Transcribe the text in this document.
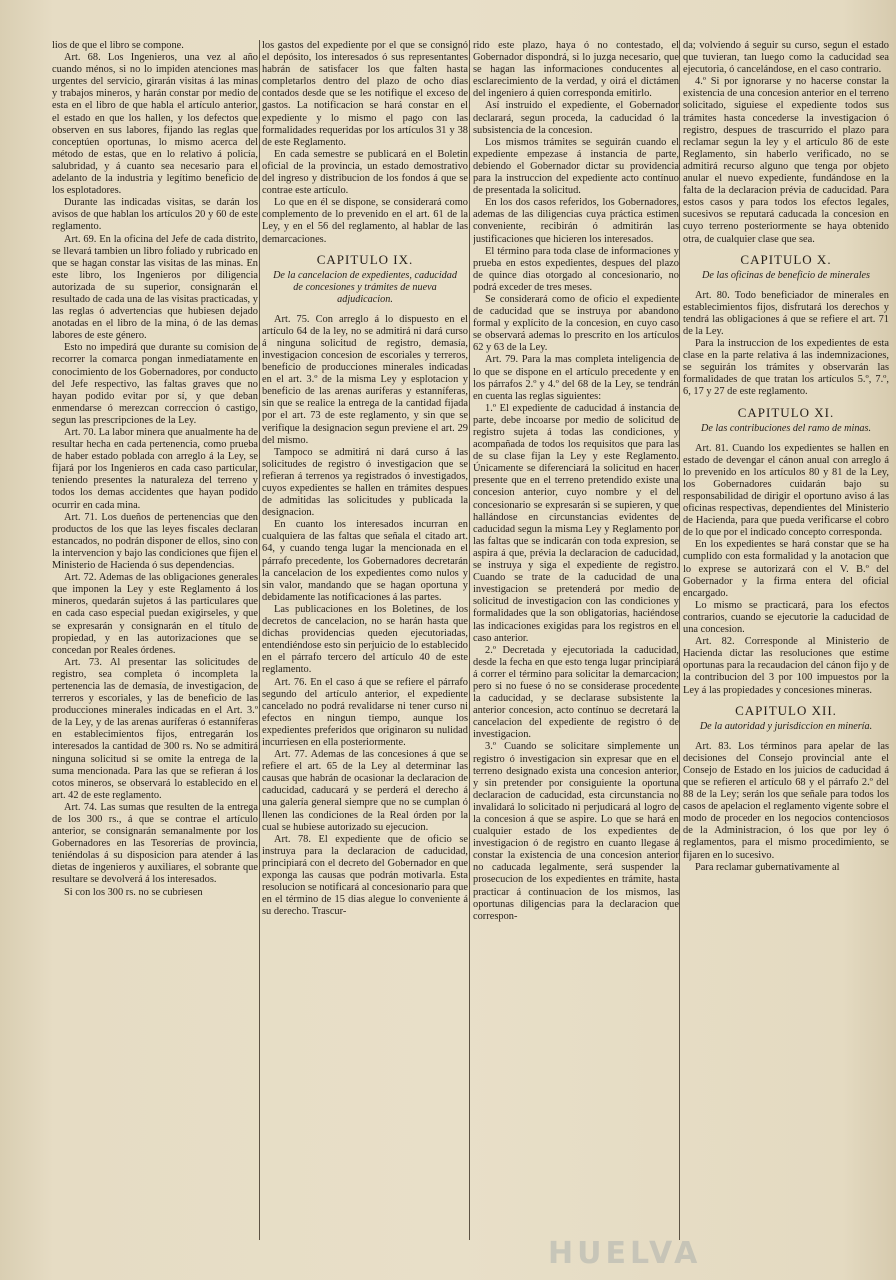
lios de que el libro se compone.

Art. 68. Los Ingenieros, una vez al año cuando ménos, si no lo impiden atenciones mas urgentes del servicio, girarán visitas á las minas y trabajos mineros, y harán constar por medio de esta en el libro de que habla el artículo anterior, el estado en que los hallen, y los defectos que observen en sus labores, fijando las reglas que conceptúen oportunas, lo mismo acerca del método de estas, que en lo relativo á policía, salubridad, y á cuanto sea necesario para el adelanto de la industria y legítimo beneficio de los esplotadores.

Durante las indicadas visitas, se darán los avisos de que hablan los artículos 20 y 60 de este reglamento.

Art. 69. En la oficina del Jefe de cada distrito, se llevará tambien un libro foliado y rubricado en que se hagan constar las visitas de las minas. En este libro, los Ingenieros por diligencia autorizada de su superior, consignarán el resultado de cada una de las visitas practicadas, y las reglas ó advertencias que hubiesen dejado anotadas en el libro de la mina, ó de las demas labores de este género.

Esto no impedirá que durante su comision de recorrer la comarca pongan inmediatamente en conocimiento de los Gobernadores, por conducto del Jefe respectivo, las faltas graves que no hayan podido evitar por sí, y que deban enmendarse ó merezcan correccion ó castigo, segun las prescripciones de la Ley.

Art. 70. La labor minera que anualmente ha de resultar hecha en cada pertenencia, como prueba de haber estado poblada con arreglo á la Ley, se fijará por los Ingenieros en cada caso particular, teniendo presentes la naturaleza del terreno y todos los demas accidentes que hayan podido ocurrir en cada mina.

Art. 71. Los dueños de pertenencias que den productos de los que las leyes fiscales declaran estancados, no podrán disponer de ellos, sino con la intervencion y bajo las condiciones que fijen el Ministerio de Hacienda ó sus dependencias.

Art. 72. Ademas de las obligaciones generales que imponen la Ley y este Reglamento á los mineros, quedarán sujetos á las particulares que en cada caso especial puedan exigirseles, y que se expresarán y consignarán en el título de propiedad, y en las autorizaciones que se concedan por Reales órdenes.

Art. 73. Al presentar las solicitudes de registro, sea completa ó incompleta la pertenencia las de demasía, de investigacion, de terreros y escoriales, y las de beneficio de las producciones minerales indicadas en el Art. 3.º de la Ley, y de las arenas auríferas ó estanníferas en establecimientos fijos, entregarán los interesados la cantidad de 300 rs. No se admitirá ninguna solicitud si se omite la entrega de la suma mencionada. Para las que se refieran á los cotos mineros, se observará lo establecido en el art. 42 de este reglamento.

Art. 74. Las sumas que resulten de la entrega de los 300 rs., á que se contrae el artículo anterior, se consignarán semanalmente por los Gobernadores en las Tesorerías de provincia, teniéndolas á su disposicion para atender á las dietas de ingenieros y auxiliares, el sobrante que resultare se devolverá á los interesados.

Si con los 300 rs. no se cubriesen

los gastos del expediente por el que se consignó el depósito, los interesados ó sus representantes habrán de satisfacer los que falten hasta completarlos dentro del plazo de ocho dias contados desde que se les notifique el exceso de gastos. La notificacion se hará constar en el expediente y lo mismo el pago con las formalidades requeridas por los artículos 31 y 38 de este Reglamento.

En cada semestre se publicará en el Boletin oficial de la provincia, un estado demostrativo del ingreso y distribucion de los fondos á que se contrae este artículo.

Lo que en él se dispone, se considerará como complemento de lo prevenido en el art. 61 de la Ley, y en el 56 del reglamento, al hablar de las demarcaciones.

CAPITULO IX.
De la cancelacion de expedientes, caducidad de concesiones y trámites de nueva adjudicacion.

Art. 75. Con arreglo á lo dispuesto en el artículo 64 de la ley, no se admitirá ni dará curso á ninguna solicitud de registro, demasía, investigacion concesion de escoriales y terreros, beneficio de producciones minerales indicadas en el art. 3.º de la misma Ley y esplotacion y beneficio de las arenas auríferas y estanníferas, sin que se realice la entrega de la cantidad fijada por el art. 73 de este reglamento, y sin que se verifique la designacion segun previene el art. 29 del mismo.

Tampoco se admitirá ni dará curso á las solicitudes de registro ó investigacion que se refieran á terrenos ya registrados ó investigados, cuyos expedientes se hallen en trámites despues de admitidas las solicitudes y publicada la designacion.

En cuanto los interesados incurran en cualquiera de las faltas que señala el citado art. 64, y cuando tenga lugar la mencionada en el párrafo precedente, los Gobernadores decretarán la cancelacion de los expedientes como nulos y sin valor, mandando que se hagan oportuna y debidamente las notificaciones á las partes.

Las publicaciones en los Boletines, de los decretos de cancelacion, no se harán hasta que dichas providencias queden ejecutoriadas, entendiéndose esto sin perjuicio de lo establecido en el párrafo tercero del artículo 40 de este reglamento.

Art. 76. En el caso á que se refiere el párrafo segundo del artículo anterior, el expediente cancelado no podrá revalidarse ni tener curso ni efectos en ningun tiempo, aunque los expedientes preferidos que originaron su nulidad incurriesen en ella posteriormente.

Art. 77. Ademas de las concesiones á que se refiere el art. 65 de la Ley al determinar las causas que habrán de ocasionar la declaracion de caducidad, caducará y se perderá el derecho á una galería general siempre que no se cumplan ó llenen las condiciones de la Real órden por la cual se hubiese autorizado su ejecucion.

Art. 78. El expediente que de oficio se instruya para la declaracion de caducidad, principiará con el decreto del Gobernador en que exponga las causas que podrán motivarla. Esta resolucion se notificará al concesionario para que en el término de 15 dias alegue lo conveniente á su derecho. Trascur-

rido este plazo, haya ó no contestado, el Gobernador dispondrá, si lo juzga necesario, que se hagan las informaciones conducentes al esclarecimiento de la verdad, y oirá el dictámen del ingeniero á quien corresponda emitirlo.

Así instruido el expediente, el Gobernador declarará, segun proceda, la caducidad ó la subsistencia de la concesion.

Los mismos trámites se seguirán cuando el expediente empezase á instancia de parte, debiendo el Gobernador dictar su providencia para la instruccion del expediente acto contínuo de presentada la solicitud.

En los dos casos referidos, los Gobernadores, ademas de las diligencias cuya práctica estimen conveniente, recibirán ó admitirán las justificaciones que hicieren los interesados.

El término para toda clase de informaciones y prueba en estos expedientes, despues del plazo de quince dias otorgado al concesionario, no podrá exceder de tres meses.

Se considerará como de oficio el expediente de caducidad que se instruya por abandono formal y explícito de la concesion, en cuyo caso se observará ademas lo prescrito en los artículos 62 y 63 de la Ley.

Art. 79. Para la mas completa inteligencia de lo que se dispone en el artículo precedente y en los párrafos 2.º y 4.º del 68 de la Ley, se tendrán en cuenta las reglas siguientes:

1.º El expediente de caducidad á instancia de parte, debe incoarse por medio de solicitud de registro sujeta á todas las condiciones, y acompañada de todos los requisitos que para las de su clase fijan la Ley y este Reglamento. Únicamente se diferenciará la solicitud en hacer presente que en el terreno pretendido existe una concesion anterior, cuyo nombre y el del concesionario se expresarán si se supieren, y que hallándose en circunstancias evidentes de caducidad segun la misma Ley y Reglamento por las faltas que se indicarán con toda expresion, se aspira á que, prévia la declaracion de caducidad, se instruya y siga el expediente de registro. Cuando se trate de la caducidad de una investigacion se pretenderá por medio de solicitud de investigacion con las condiciones y formalidades que la son obligatorias, haciéndose las indicaciones exigidas para los registros en el caso anterior.

2.º Decretada y ejecutoriada la caducidad, desde la fecha en que esto tenga lugar principiará á correr el término para solicitar la demarcacion; pero si no fuese ó no se considerase procedente la caducidad, y se declarase subsistente la anterior concesion, acto contínuo se decretará la cancelacion del expediente de registro ó de investigacion.

3.º Cuando se solicitare simplemente un registro ó investigacion sin expresar que en el terreno designado exista una concesion anterior, y sin pretender por consiguiente la oportuna declaracion de caducidad, esta circunstancia no invalidará lo solicitado ni perjudicará al logro de la concesion á que se aspire. Lo que se hará en cualquier estado de los expedientes de investigacion ó de registro en cuanto llegase á constar la existencia de una concesion anterior no caducada legalmente, será suspender la prosecucion de los expedientes en trámite, hasta practicar á continuacion de los mismos, las oportunas diligencias para la declaracion que correspon-

da; volviendo á seguir su curso, segun el estado que tuvieran, tan luego como la caducidad sea ejecutoria, ó cancelándose, en el caso contrario.

4.º Si por ignorarse y no hacerse constar la existencia de una concesion anterior en el terreno solicitado, siguiese el expediente todos sus trámites hasta concederse la investigacion ó registro, despues de trascurrido el plazo para reclamar segun la ley y el artículo 86 de este Reglamento, sin haberlo verificado, no se admitirá recurso alguno que tenga por objeto anular el nuevo expediente, fundándose en la falta de la declaracion prévia de caducidad. Para estos casos y para todos los efectos legales, sucesivos se reputará caducada la concesion en cuyo terreno posteriormente se haya obtenido otra, de cualquier clase que sea.

CAPITULO X.
De las oficinas de beneficio de minerales

Art. 80. Todo beneficiador de minerales en establecimientos fijos, disfrutará los derechos y tendrá las obligaciones á que se refiere el art. 71 de la Ley.

Para la instruccion de los expedientes de esta clase en la parte relativa á las indemnizaciones, se seguirán los trámites y observarán las formalidades de que tratan los artículos 5.º, 7.º, 6, 17 y 27 de este reglamento.

CAPITULO XI.
De las contribuciones del ramo de minas.

Art. 81. Cuando los expedientes se hallen en estado de devengar el cánon anual con arreglo á lo prevenido en los artículos 80 y 81 de la Ley, los Gobernadores cuidarán bajo su responsabilidad de dirigir el oportuno aviso á las oficinas respectivas, dependientes del Ministerio de Hacienda, para que pueda verificarse el cobro de lo que por el indicado concepto corresponda.

En los expedientes se hará constar que se ha cumplido con esta formalidad y la anotacion que lo exprese se autorizará con el V. B.º del Gobernador y la firma entera del oficial encargado.

Lo mismo se practicará, para los efectos contrarios, cuando se ejecutorie la caducidad de una concesion.

Art. 82. Corresponde al Ministerio de Hacienda dictar las resoluciones que estime oportunas para la recaudacion del cánon fijo y de la contribucion del 3 por 100 impuestos por la Ley á las propiedades y concesiones mineras.

CAPITULO XII.
De la autoridad y jurisdiccion en minería.

Art. 83. Los términos para apelar de las decisiones del Consejo provincial ante el Consejo de Estado en los juicios de caducidad á que se refieren el artículo 68 y el párrafo 2.º del 88 de la Ley; serán los que señale para todos los casos de apelacion el reglamento vigente sobre el modo de proceder en los negocios contenciosos de la Administracion, ó los que por ley ó reglamentos, para el mismo procedimiento, se fijaren en lo sucesivo.

Para reclamar gubernativamente al

HUELVA
